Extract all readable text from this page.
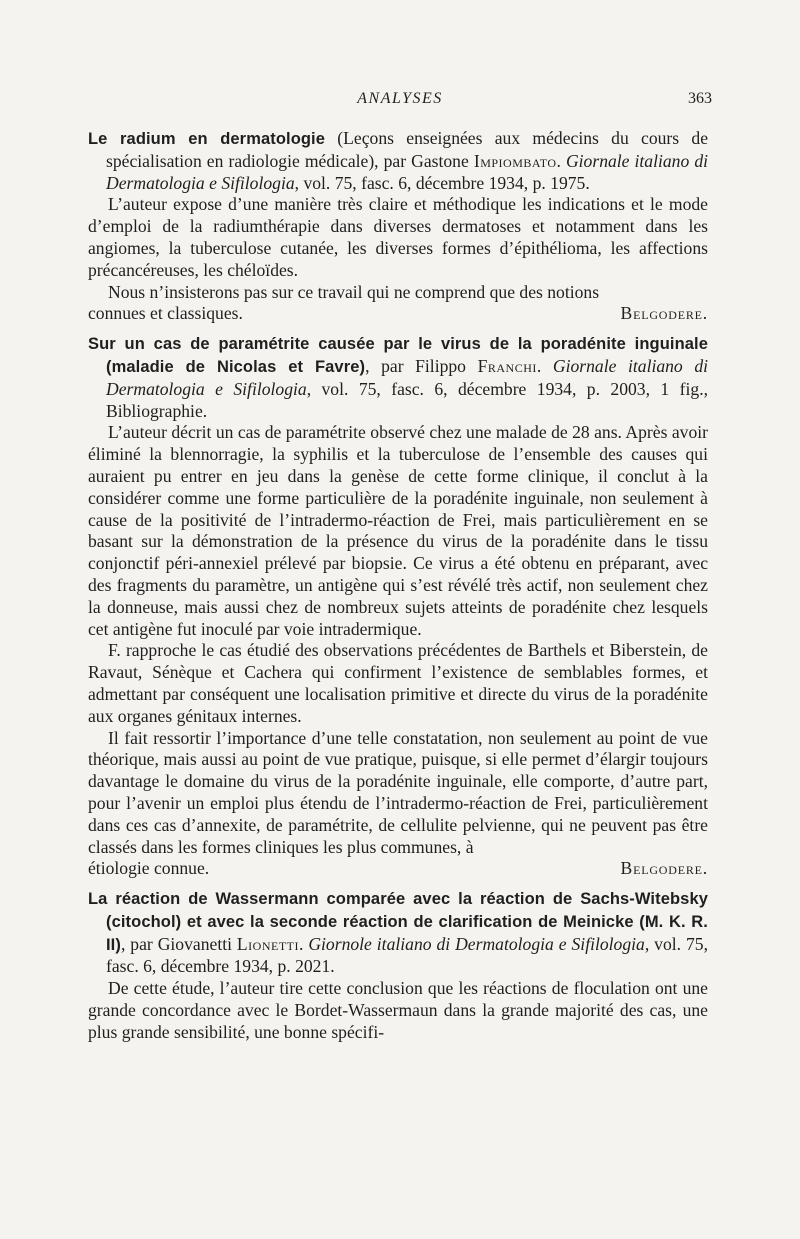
ANALYSES	363

Le radium en dermatologie (Leçons enseignées aux médecins du cours de spécialisation en radiologie médicale), par Gastone Impiombato. Giornale italiano di Dermatologia e Sifilologia, vol. 75, fasc. 6, décembre 1934, p. 1975.

L’auteur expose d’une manière très claire et méthodique les indications et le mode d’emploi de la radiumthérapie dans diverses dermatoses et notamment dans les angiomes, la tuberculose cutanée, les diverses formes d’épithélioma, les affections précancéreuses, les chéloïdes.

Nous n’insisterons pas sur ce travail qui ne comprend que des notions

connues et classiques.	Belgodere.

Sur un cas de paramétrite causée par le virus de la poradénite inguinale (maladie de Nicolas et Favre), par Filippo Franchi. Giornale italiano di Dermatologia e Sifilologia, vol. 75, fasc. 6, décembre 1934, p. 2003, 1 fig., Bibliographie.

L’auteur décrit un cas de paramétrite observé chez une malade de 28 ans. Après avoir éliminé la blennorragie, la syphilis et la tuberculose de l’ensemble des causes qui auraient pu entrer en jeu dans la genèse de cette forme clinique, il conclut à la considérer comme une forme particulière de la poradénite inguinale, non seulement à cause de la positivité de l’intradermo-réaction de Frei, mais particulièrement en se basant sur la démonstration de la présence du virus de la poradénite dans le tissu conjonctif péri-annexiel prélevé par biopsie. Ce virus a été obtenu en préparant, avec des fragments du paramètre, un antigène qui s’est révélé très actif, non seulement chez la donneuse, mais aussi chez de nombreux sujets atteints de poradénite chez lesquels cet antigène fut inoculé par voie intradermique.

F. rapproche le cas étudié des observations précédentes de Barthels et Biberstein, de Ravaut, Sénèque et Cachera qui confirment l’existence de semblables formes, et admettant par conséquent une localisation primitive et directe du virus de la poradénite aux organes génitaux internes.

Il fait ressortir l’importance d’une telle constatation, non seulement au point de vue théorique, mais aussi au point de vue pratique, puisque, si elle permet d’élargir toujours davantage le domaine du virus de la poradénite inguinale, elle comporte, d’autre part, pour l’avenir un emploi plus étendu de l’intradermo-réaction de Frei, particulièrement dans ces cas d’annexite, de paramétrite, de cellulite pelvienne, qui ne peuvent pas être classés dans les formes cliniques les plus communes, à

étiologie connue.	Belgodere.

La réaction de Wassermann comparée avec la réaction de Sachs-Witebsky (citochol) et avec la seconde réaction de clarification de Meinicke (M. K. R. II), par Giovanetti Lionetti. Giornole italiano di Dermatologia e Sifilologia, vol. 75, fasc. 6, décembre 1934, p. 2021.

De cette étude, l’auteur tire cette conclusion que les réactions de floculation ont une grande concordance avec le Bordet-Wassermaun dans la grande majorité des cas, une plus grande sensibilité, une bonne spécifi-
